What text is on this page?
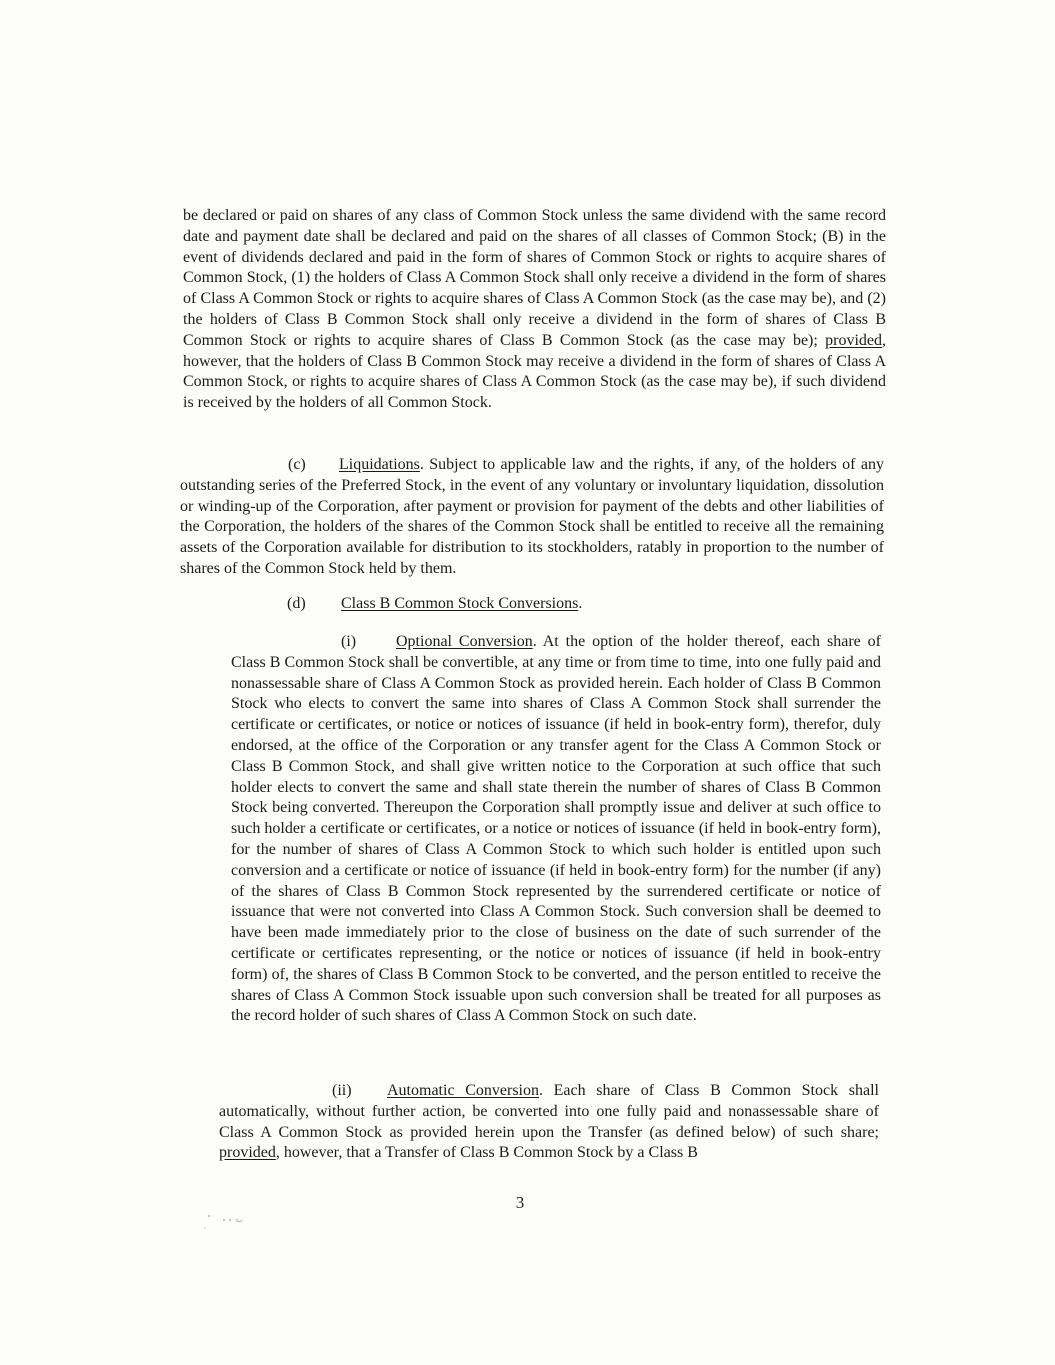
be declared or paid on shares of any class of Common Stock unless the same dividend with the same record date and payment date shall be declared and paid on the shares of all classes of Common Stock; (B) in the event of dividends declared and paid in the form of shares of Common Stock or rights to acquire shares of Common Stock, (1) the holders of Class A Common Stock shall only receive a dividend in the form of shares of Class A Common Stock or rights to acquire shares of Class A Common Stock (as the case may be), and (2) the holders of Class B Common Stock shall only receive a dividend in the form of shares of Class B Common Stock or rights to acquire shares of Class B Common Stock (as the case may be); provided, however, that the holders of Class B Common Stock may receive a dividend in the form of shares of Class A Common Stock, or rights to acquire shares of Class A Common Stock (as the case may be), if such dividend is received by the holders of all Common Stock.

(c) Liquidations. Subject to applicable law and the rights, if any, of the holders of any outstanding series of the Preferred Stock, in the event of any voluntary or involuntary liquidation, dissolution or winding-up of the Corporation, after payment or provision for payment of the debts and other liabilities of the Corporation, the holders of the shares of the Common Stock shall be entitled to receive all the remaining assets of the Corporation available for distribution to its stockholders, ratably in proportion to the number of shares of the Common Stock held by them.

(d) Class B Common Stock Conversions.

(i) Optional Conversion. At the option of the holder thereof, each share of Class B Common Stock shall be convertible, at any time or from time to time, into one fully paid and nonassessable share of Class A Common Stock as provided herein. Each holder of Class B Common Stock who elects to convert the same into shares of Class A Common Stock shall surrender the certificate or certificates, or notice or notices of issuance (if held in book-entry form), therefor, duly endorsed, at the office of the Corporation or any transfer agent for the Class A Common Stock or Class B Common Stock, and shall give written notice to the Corporation at such office that such holder elects to convert the same and shall state therein the number of shares of Class B Common Stock being converted. Thereupon the Corporation shall promptly issue and deliver at such office to such holder a certificate or certificates, or a notice or notices of issuance (if held in book-entry form), for the number of shares of Class A Common Stock to which such holder is entitled upon such conversion and a certificate or notice of issuance (if held in book-entry form) for the number (if any) of the shares of Class B Common Stock represented by the surrendered certificate or notice of issuance that were not converted into Class A Common Stock. Such conversion shall be deemed to have been made immediately prior to the close of business on the date of such surrender of the certificate or certificates representing, or the notice or notices of issuance (if held in book-entry form) of, the shares of Class B Common Stock to be converted, and the person entitled to receive the shares of Class A Common Stock issuable upon such conversion shall be treated for all purposes as the record holder of such shares of Class A Common Stock on such date.

(ii) Automatic Conversion. Each share of Class B Common Stock shall automatically, without further action, be converted into one fully paid and nonassessable share of Class A Common Stock as provided herein upon the Transfer (as defined below) of such share; provided, however, that a Transfer of Class B Common Stock by a Class B

3
